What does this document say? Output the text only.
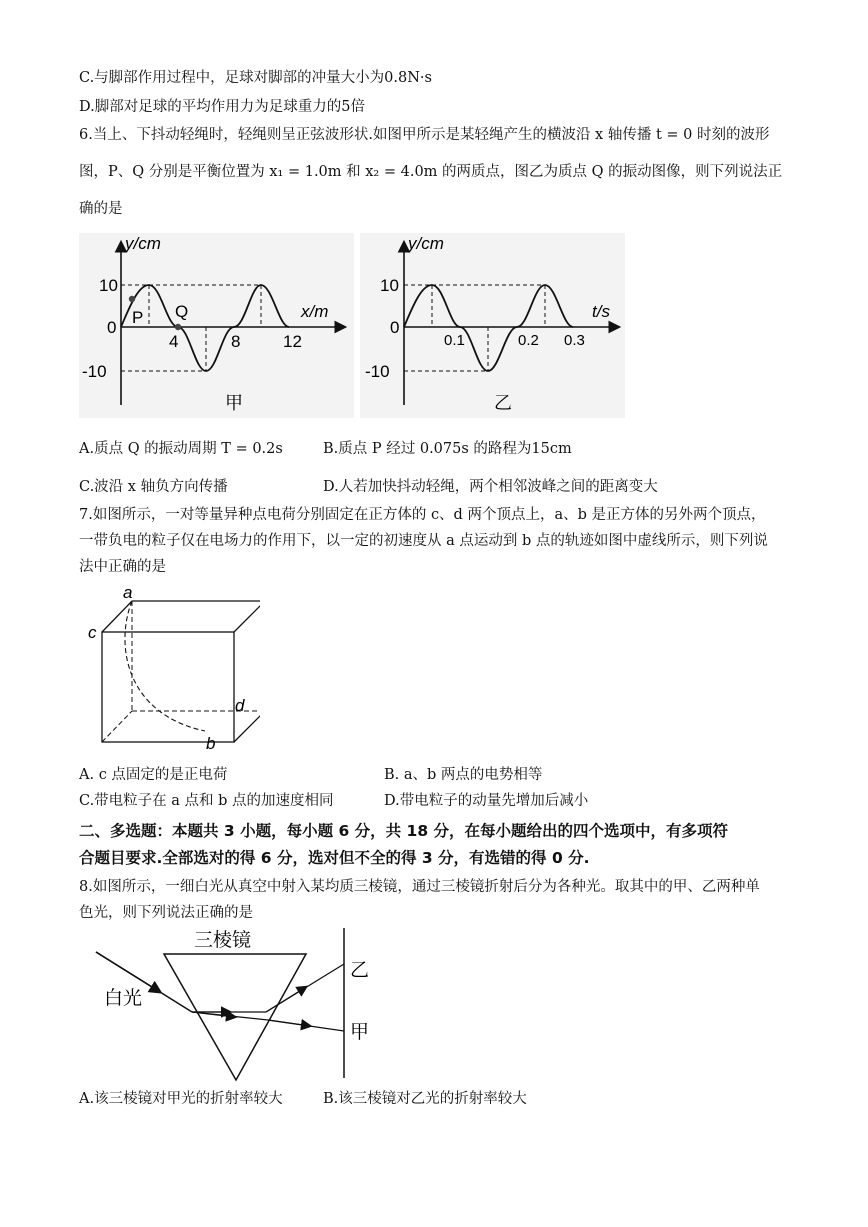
C.与脚部作用过程中，足球对脚部的冲量大小为0.8N·s
D.脚部对足球的平均作用力为足球重力的5倍
6.当上、下抖动轻绳时，轻绳则呈正弦波形状.如图甲所示是某轻绳产生的横波沿 x 轴传播 t = 0 时刻的波形
图，P、Q 分别是平衡位置为 x₁ = 1.0m 和 x₂ = 4.0m 的两质点，图乙为质点 Q 的振动图像，则下列说法正
确的是
y/cm
10
0
-10
P Q
4	8	12
x/m
甲
y/cm
10
0
-10
0.1	0.2 0.3
t/s
乙
A.质点 Q 的振动周期 T = 0.2s	B.质点 P 经过 0.075s 的路程为15cm
C.波沿 x 轴负方向传播	D.人若加快抖动轻绳，两个相邻波峰之间的距离变大
7.如图所示，一对等量异种点电荷分别固定在正方体的 c、d 两个顶点上，a、b 是正方体的另外两个顶点，
一带负电的粒子仅在电场力的作用下，以一定的初速度从 a 点运动到 b 点的轨迹如图中虚线所示，则下列说
法中正确的是
a
c
d
b
A. c 点固定的是正电荷	B. a、b 两点的电势相等
C.带电粒子在 a 点和 b 点的加速度相同	D.带电粒子的动量先增加后减小
二、多选题：本题共 3 小题，每小题 6 分，共 18 分，在每小题给出的四个选项中，有多项符
合题目要求.全部选对的得 6 分，选对但不全的得 3 分，有选错的得 0 分.
8.如图所示，一细白光从真空中射入某均质三棱镜，通过三棱镜折射后分为各种光。取其中的甲、乙两种单
色光，则下列说法正确的是
三棱镜
白光
乙
甲
A.该三棱镜对甲光的折射率较大	B.该三棱镜对乙光的折射率较大
